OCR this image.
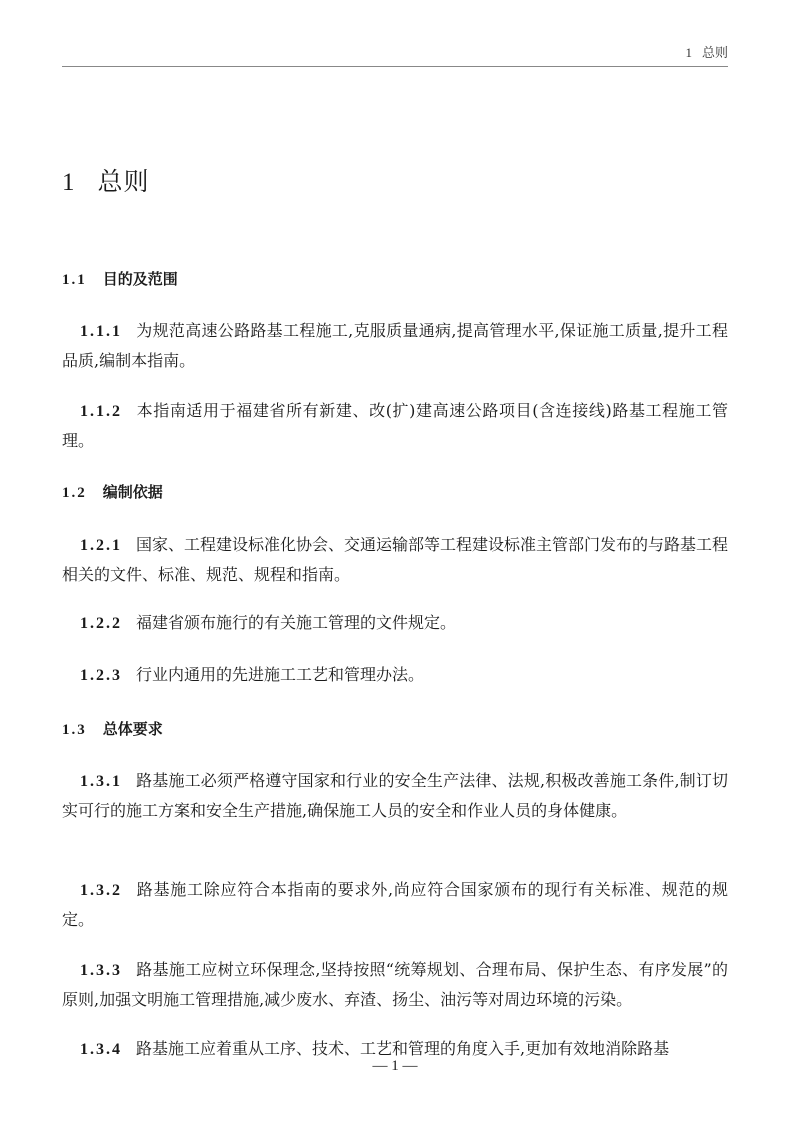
1 总则
1 总则
1.1 目的及范围

1.1.1 为规范高速公路路基工程施工,克服质量通病,提高管理水平,保证施工质量,提升工程品质,编制本指南。

1.1.2 本指南适用于福建省所有新建、改(扩)建高速公路项目(含连接线)路基工程施工管理。

1.2 编制依据

1.2.1 国家、工程建设标准化协会、交通运输部等工程建设标准主管部门发布的与路基工程相关的文件、标准、规范、规程和指南。

1.2.2 福建省颁布施行的有关施工管理的文件规定。

1.2.3 行业内通用的先进施工工艺和管理办法。

1.3 总体要求

1.3.1 路基施工必须严格遵守国家和行业的安全生产法律、法规,积极改善施工条件,制订切实可行的施工方案和安全生产措施,确保施工人员的安全和作业人员的身体健康。

1.3.2 路基施工除应符合本指南的要求外,尚应符合国家颁布的现行有关标准、规范的规定。

1.3.3 路基施工应树立环保理念,坚持按照“统筹规划、合理布局、保护生态、有序发展”的原则,加强文明施工管理措施,减少废水、弃渣、扬尘、油污等对周边环境的污染。

1.3.4 路基施工应着重从工序、技术、工艺和管理的角度入手,更加有效地消除路基

— 1 —
